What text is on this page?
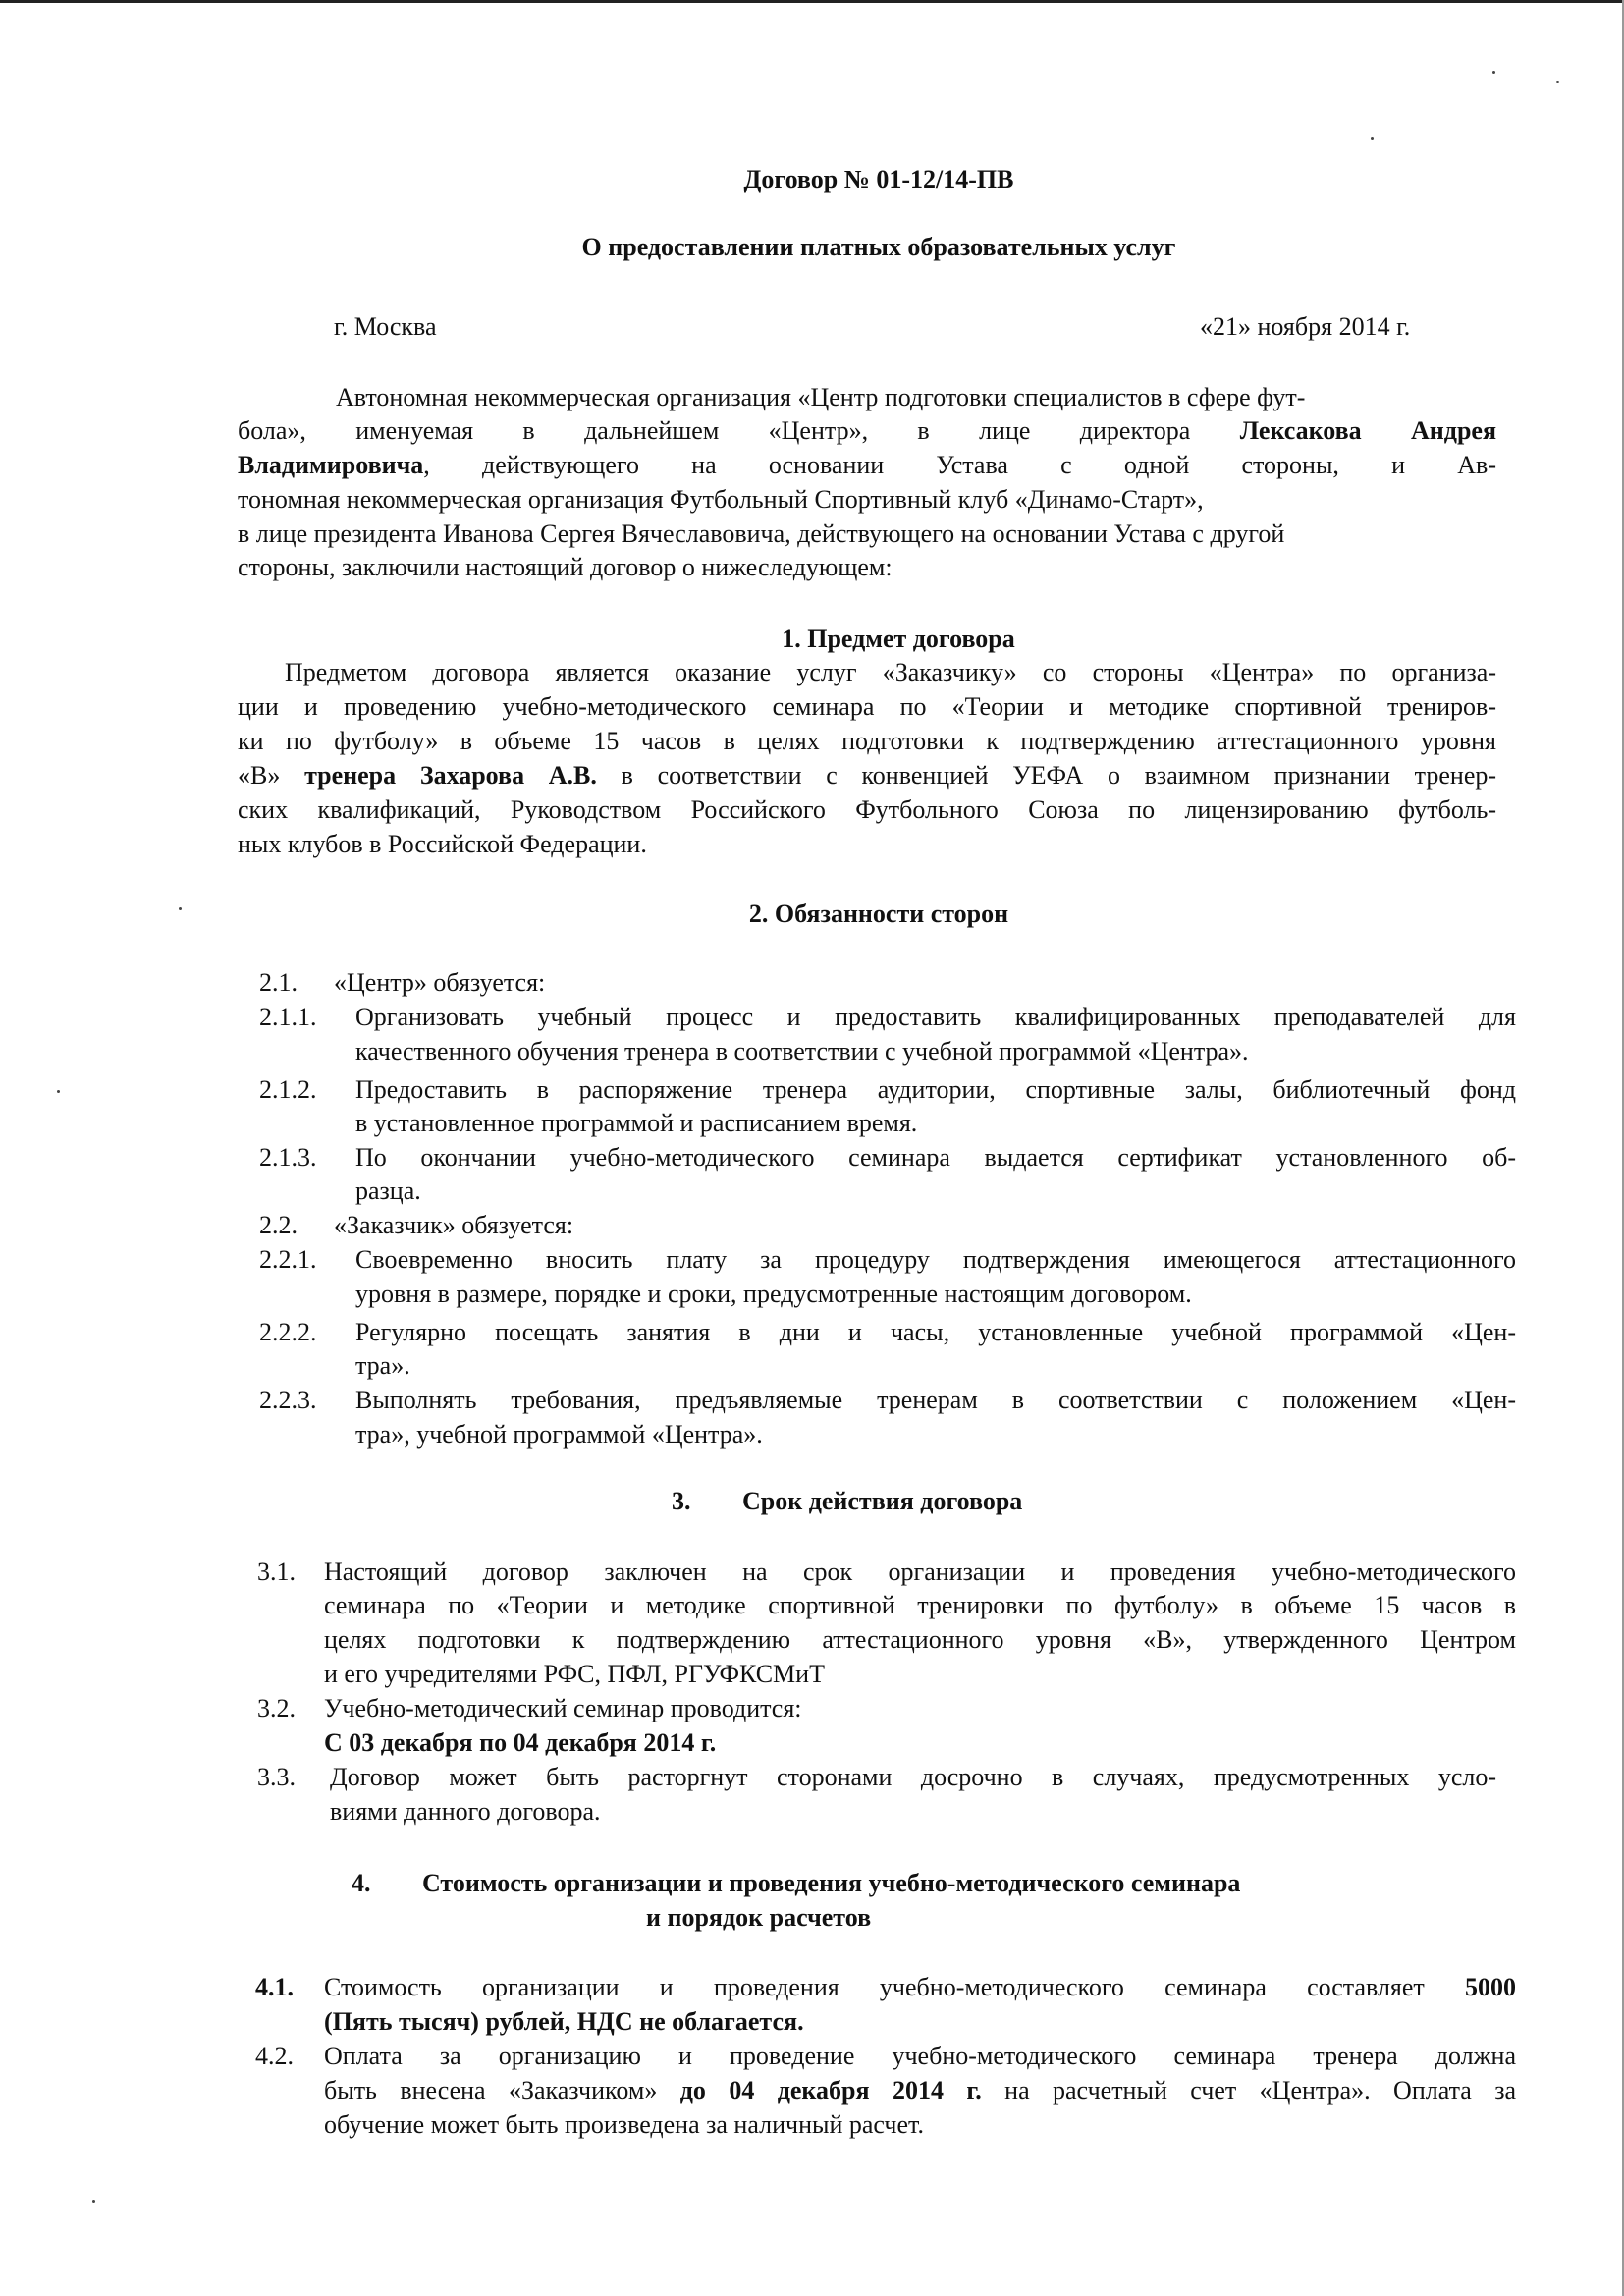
Договор № 01-12/14-ПВ
О предоставлении платных образовательных услуг
г. Москва	«21» ноября 2014 г.
Автономная некоммерческая организация «Центр подготовки специалистов в сфере фут-
бола», именуемая в дальнейшем «Центр», в лице директора Лексакова Андрея
Владимировича, действующего на основании Устава с одной стороны, и Ав-
тономная некоммерческая организация Футбольный Спортивный клуб «Динамо-Старт»,
в лице президента Иванова Сергея Вячеславовича, действующего на основании Устава с другой
стороны, заключили настоящий договор о нижеследующем:
1. Предмет договора
Предметом договора является оказание услуг «Заказчику» со стороны «Центра» по организа-
ции и проведению учебно-методического семинара по «Теории и методике спортивной трениров-
ки по футболу» в объеме 15 часов в целях подготовки к подтверждению аттестационного уровня
«В» тренера Захарова А.В. в соответствии с конвенцией УЕФА о взаимном признании тренер-
ских квалификаций, Руководством Российского Футбольного Союза по лицензированию футболь-
ных клубов в Российской Федерации.
2. Обязанности сторон
2.1. «Центр» обязуется:
2.1.1. Организовать учебный процесс и предоставить квалифицированных преподавателей для
качественного обучения тренера в соответствии с учебной программой «Центра».
2.1.2. Предоставить в распоряжение тренера аудитории, спортивные залы, библиотечный фонд
в установленное программой и расписанием время.
2.1.3. По окончании учебно-методического семинара выдается сертификат установленного об-
разца.
2.2. «Заказчик» обязуется:
2.2.1. Своевременно вносить плату за процедуру подтверждения имеющегося аттестационного
уровня в размере, порядке и сроки, предусмотренные настоящим договором.
2.2.2. Регулярно посещать занятия в дни и часы, установленные учебной программой «Цен-
тра».
2.2.3. Выполнять требования, предъявляемые тренерам в соответствии с положением «Цен-
тра», учебной программой «Центра».
3. Срок действия договора
3.1. Настоящий договор заключен на срок организации и проведения учебно-методического
семинара по «Теории и методике спортивной тренировки по футболу» в объеме 15 часов в
целях подготовки к подтверждению аттестационного уровня «В», утвержденного Центром
и его учредителями РФС, ПФЛ, РГУФКСМиТ
3.2. Учебно-методический семинар проводится:
С 03 декабря по 04 декабря 2014 г.
3.3. Договор может быть расторгнут сторонами досрочно в случаях, предусмотренных усло-
виями данного договора.
4. Стоимость организации и проведения учебно-методического семинара
и порядок расчетов
4.1. Стоимость организации и проведения учебно-методического семинара составляет 5000
(Пять тысяч) рублей, НДС не облагается.
4.2. Оплата за организацию и проведение учебно-методического семинара тренера должна
быть внесена «Заказчиком» до 04 декабря 2014 г. на расчетный счет «Центра». Оплата за
обучение может быть произведена за наличный расчет.
